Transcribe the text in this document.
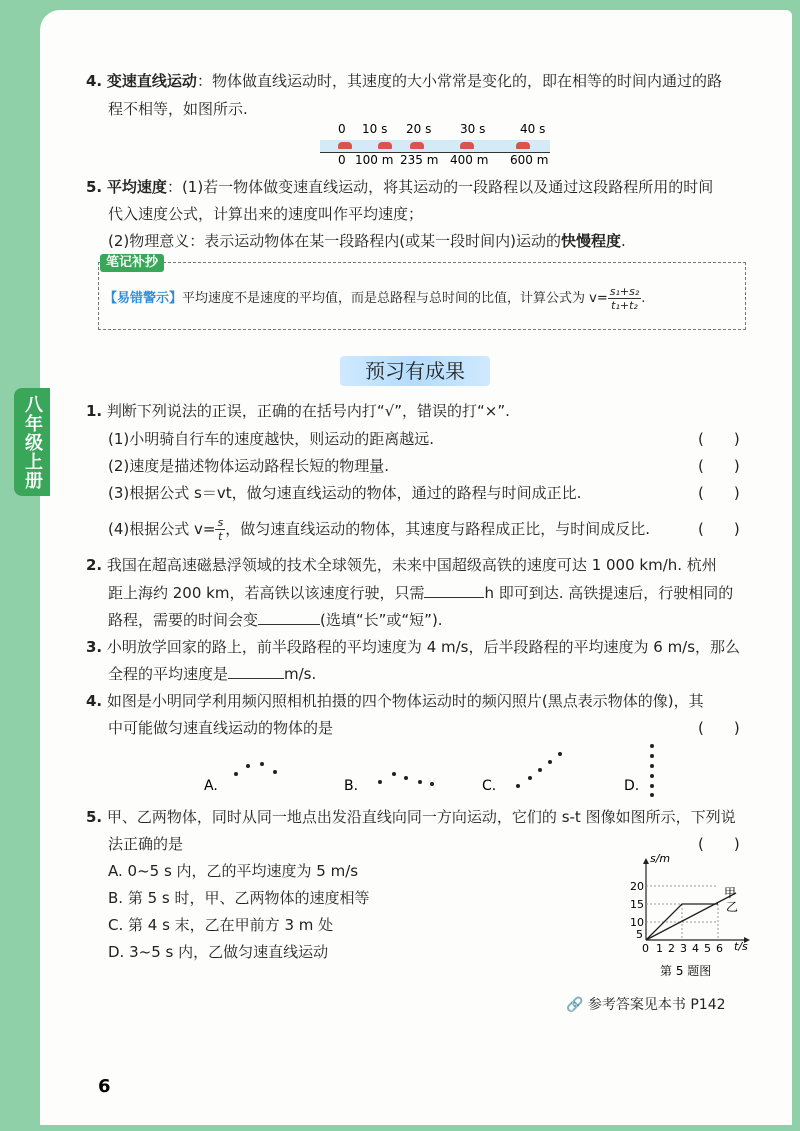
八年级上册
4. 变速直线运动：物体做直线运动时，其速度的大小常常是变化的，即在相等的时间内通过的路
程不相等，如图所示.
0 10 s 20 s 30 s	40 s
0 100 m 235 m 400 m 600 m
5. 平均速度：(1)若一物体做变速直线运动，将其运动的一段路程以及通过这段路程所用的时间
代入速度公式，计算出来的速度叫作平均速度；
(2)物理意义：表示运动物体在某一段路程内(或某一段时间内)运动的快慢程度.
笔记补抄
【易错警示】平均速度不是速度的平均值，而是总路程与总时间的比值，计算公式为 $v= \frac{\text{s₁+s₂}}{\text{t₁+t₂}}$ .
预习有成果
1. 判断下列说法的正误，正确的在括号内打“√”，错误的打“×”.
(1)小明骑自行车的速度越快，则运动的距离越远.	(　　)
(2)速度是描述物体运动路程长短的物理量.	(　　)
(3)根据公式 s＝vt，做匀速直线运动的物体，通过的路程与时间成正比.	(　　)
(4)根据公式 $v= \frac{s}{t}$ ，做匀速直线运动的物体，其速度与路程成正比，与时间成反比.	(　　)
2. 我国在超高速磁悬浮领域的技术全球领先，未来中国超级高铁的速度可达 1 000 km/h. 杭州
距上海约 200 km，若高铁以该速度行驶，只需	h 即可到达. 高铁提速后，行驶相同的
路程，需要的时间会变	(选填“长”或“短”).
3. 小明放学回家的路上，前半段路程的平均速度为 4 m/s，后半段路程的平均速度为 6 m/s，那么
全程的平均速度是	m/s.
4. 如图是小明同学利用频闪照相机拍摄的四个物体运动时的频闪照片(黑点表示物体的像)，其
中可能做匀速直线运动的物体的是	(　　)
A.	B.	C.	D.
5. 甲、乙两物体，同时从同一地点出发沿直线向同一方向运动，它们的 s-t 图像如图所示，下列说
法正确的是	(　　)
A. 0~5 s 内，乙的平均速度为 5 m/s
B. 第 5 s 时，甲、乙两物体的速度相等
C. 第 4 s 末，乙在甲前方 3 m 处
D. 3~5 s 内，乙做匀速直线运动
s/m
20
15
10
5
0 1 2 3 4 5 6 t/s
甲
乙
第 5 题图
🔗 参考答案见本书 P142
6
